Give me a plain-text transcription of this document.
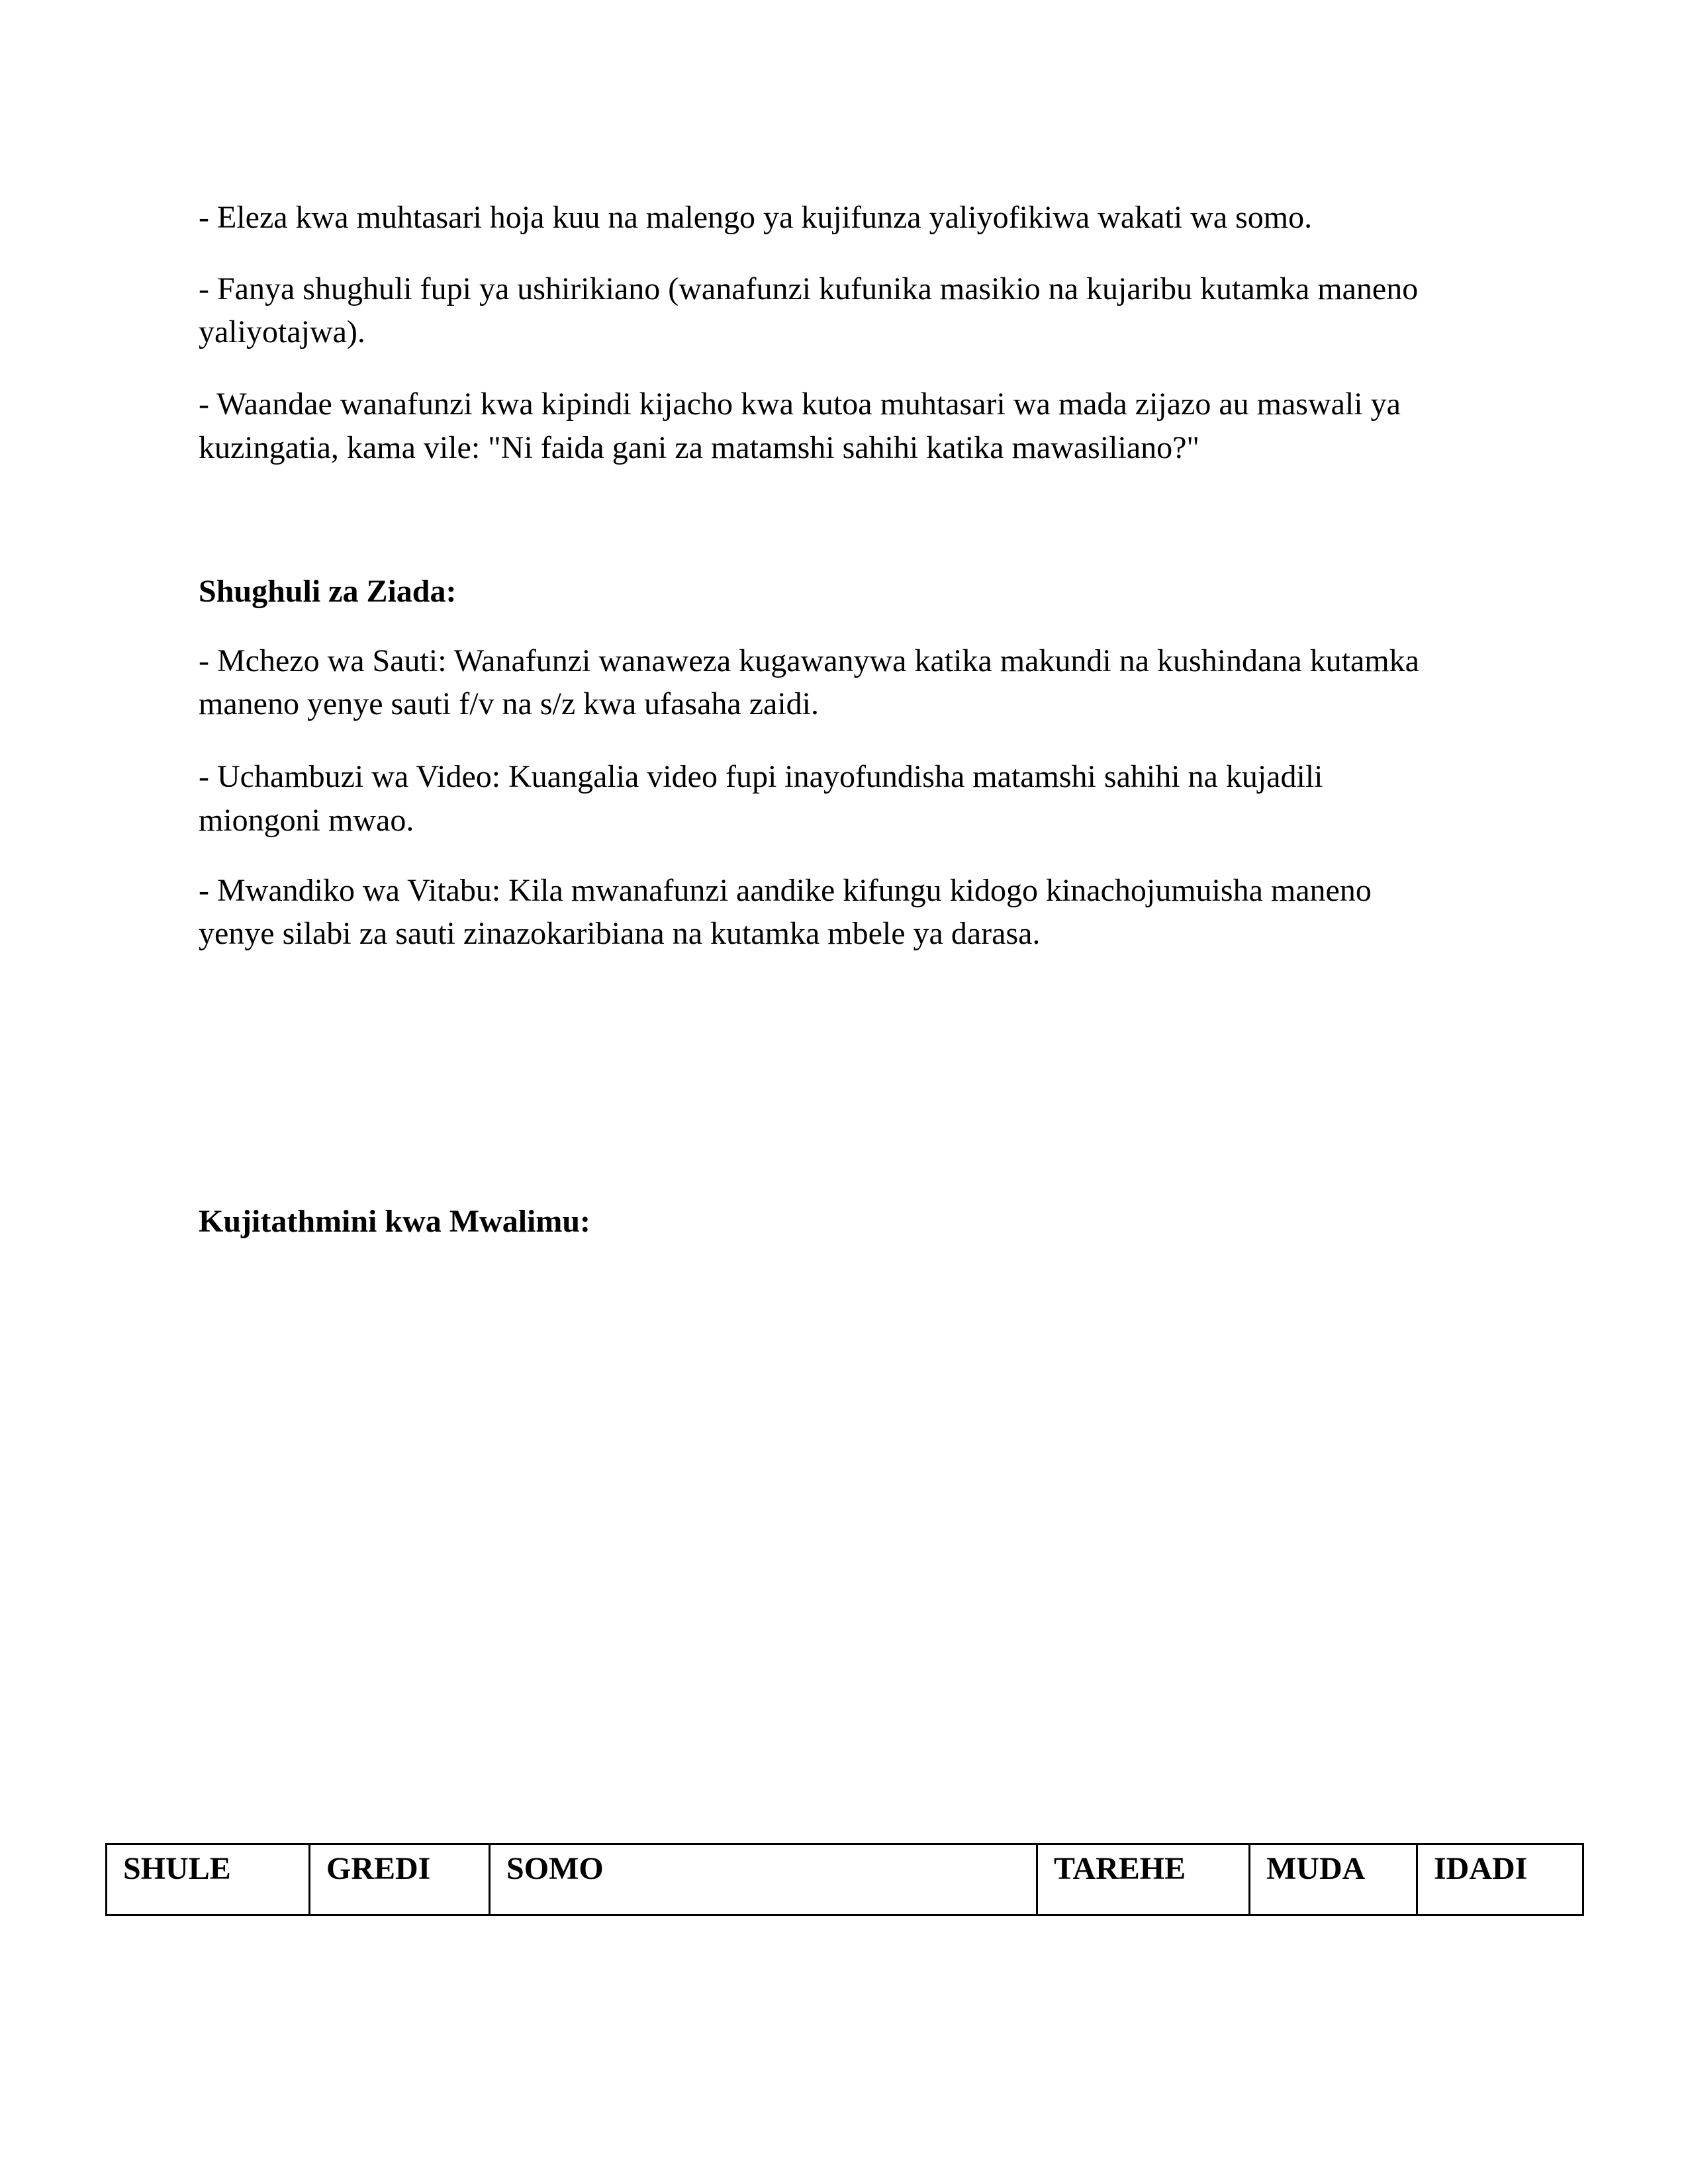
- Eleza kwa muhtasari hoja kuu na malengo ya kujifunza yaliyofikiwa wakati wa somo.
- Fanya shughuli fupi ya ushirikiano (wanafunzi kufunika masikio na kujaribu kutamka maneno
yaliyotajwa).
- Waandae wanafunzi kwa kipindi kijacho kwa kutoa muhtasari wa mada zijazo au maswali ya
kuzingatia, kama vile: "Ni faida gani za matamshi sahihi katika mawasiliano?"
Shughuli za Ziada:
- Mchezo wa Sauti: Wanafunzi wanaweza kugawanywa katika makundi na kushindana kutamka
maneno yenye sauti f/v na s/z kwa ufasaha zaidi.
- Uchambuzi wa Video: Kuangalia video fupi inayofundisha matamshi sahihi na kujadili
miongoni mwao.
- Mwandiko wa Vitabu: Kila mwanafunzi aandike kifungu kidogo kinachojumuisha maneno
yenye silabi za sauti zinazokaribiana na kutamka mbele ya darasa.
Kujitathmini kwa Mwalimu:
SHULE	GREDI	SOMO	TAREHE	MUDA	IDADI
